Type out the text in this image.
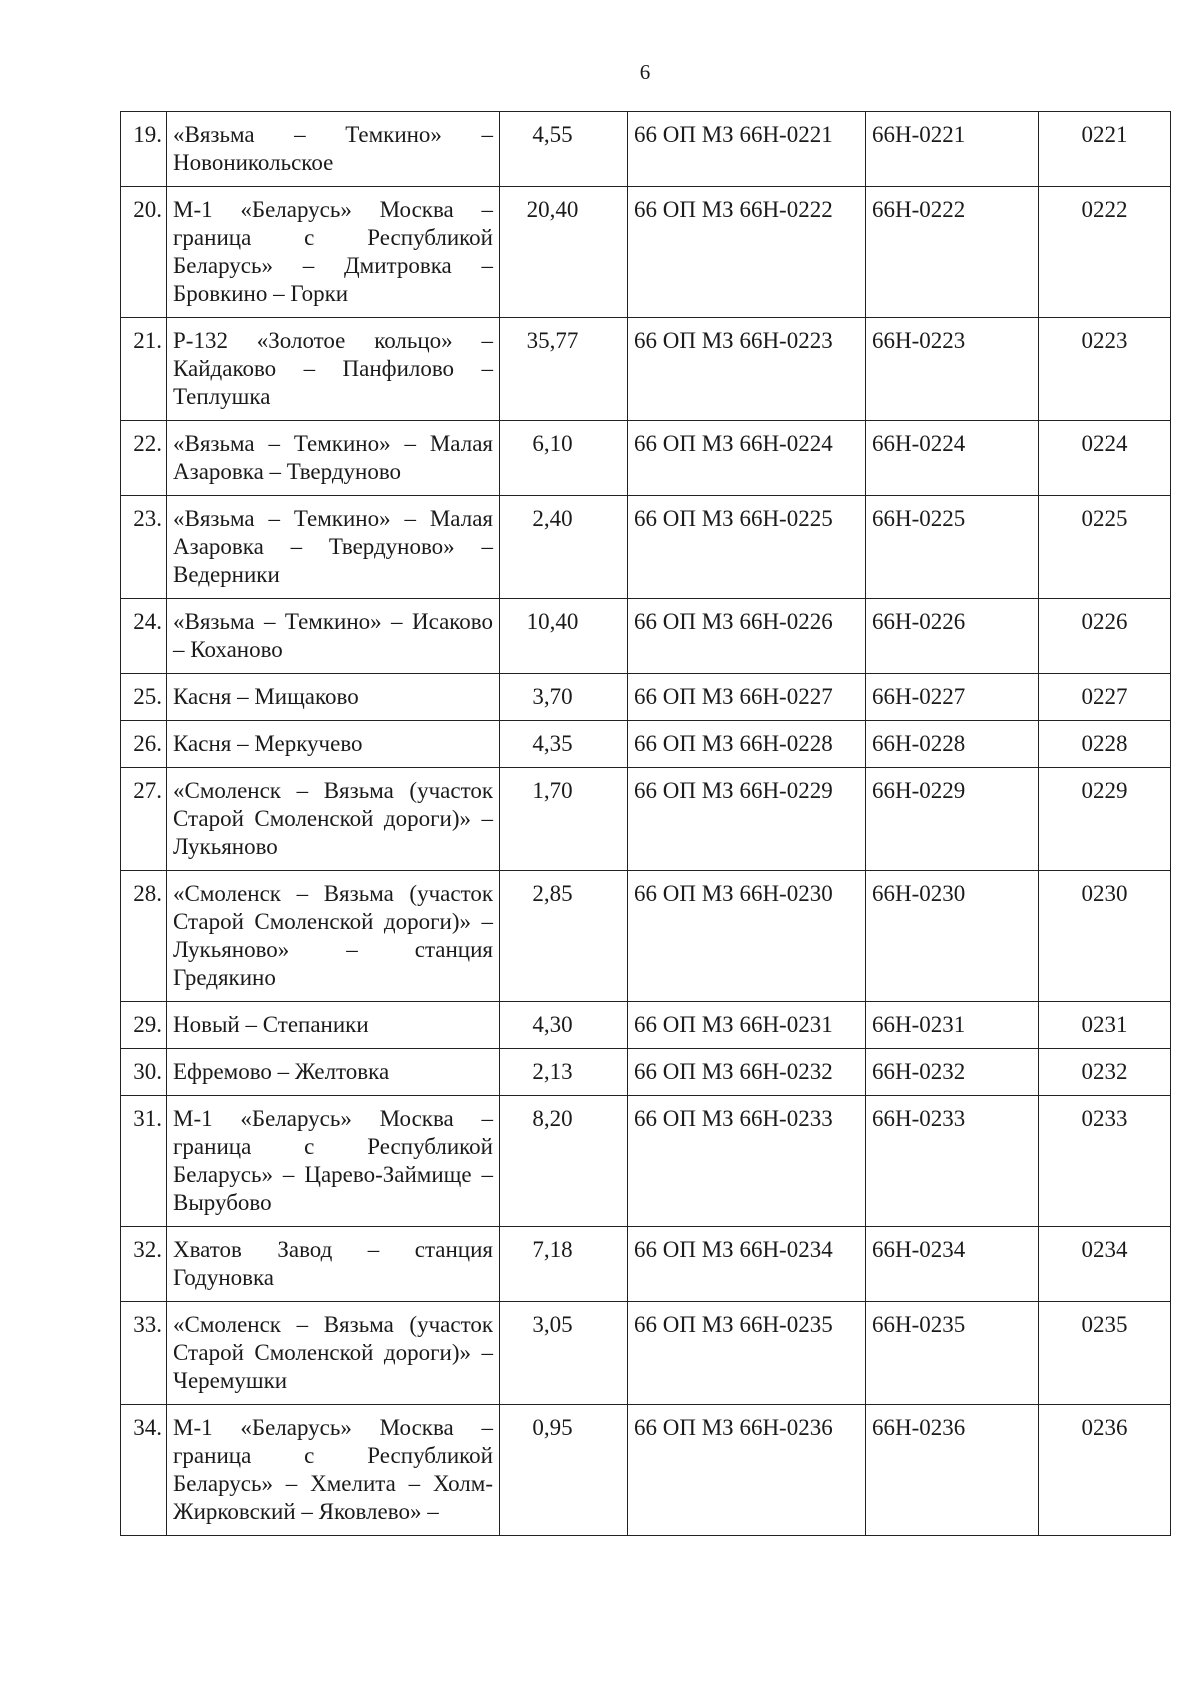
6
19.	«Вязьма – Темкино» – Новоникольское	4,55	66 ОП МЗ 66Н-0221	66Н-0221	0221
20.	М-1 «Беларусь» Москва – граница с Республикой Беларусь» – Дмитровка – Бровкино – Горки	20,40	66 ОП МЗ 66Н-0222	66Н-0222	0222
21.	Р-132 «Золотое кольцо» – Кайдаково – Панфилово – Теплушка	35,77	66 ОП МЗ 66Н-0223	66Н-0223	0223
22.	«Вязьма – Темкино» – Малая Азаровка – Твердуново	6,10	66 ОП МЗ 66Н-0224	66Н-0224	0224
23.	«Вязьма – Темкино» – Малая Азаровка – Твердуново» – Ведерники	2,40	66 ОП МЗ 66Н-0225	66Н-0225	0225
24.	«Вязьма – Темкино» – Исаково – Коханово	10,40	66 ОП МЗ 66Н-0226	66Н-0226	0226
25.	Касня – Мищаково	3,70	66 ОП МЗ 66Н-0227	66Н-0227	0227
26.	Касня – Меркучево	4,35	66 ОП МЗ 66Н-0228	66Н-0228	0228
27.	«Смоленск – Вязьма (участок Старой Смоленской дороги)» – Лукьяново	1,70	66 ОП МЗ 66Н-0229	66Н-0229	0229
28.	«Смоленск – Вязьма (участок Старой Смоленской дороги)» – Лукьяново» – станция Гредякино	2,85	66 ОП МЗ 66Н-0230	66Н-0230	0230
29.	Новый – Степаники	4,30	66 ОП МЗ 66Н-0231	66Н-0231	0231
30.	Ефремово – Желтовка	2,13	66 ОП МЗ 66Н-0232	66Н-0232	0232
31.	М-1 «Беларусь» Москва – граница с Республикой Беларусь» – Царево-Займище – Вырубово	8,20	66 ОП МЗ 66Н-0233	66Н-0233	0233
32.	Хватов Завод – станция Годуновка	7,18	66 ОП МЗ 66Н-0234	66Н-0234	0234
33.	«Смоленск – Вязьма (участок Старой Смоленской дороги)» – Черемушки	3,05	66 ОП МЗ 66Н-0235	66Н-0235	0235
34.	М-1 «Беларусь» Москва – граница с Республикой Беларусь» – Хмелита – Холм-Жирковский – Яковлево» –	0,95	66 ОП МЗ 66Н-0236	66Н-0236	0236
